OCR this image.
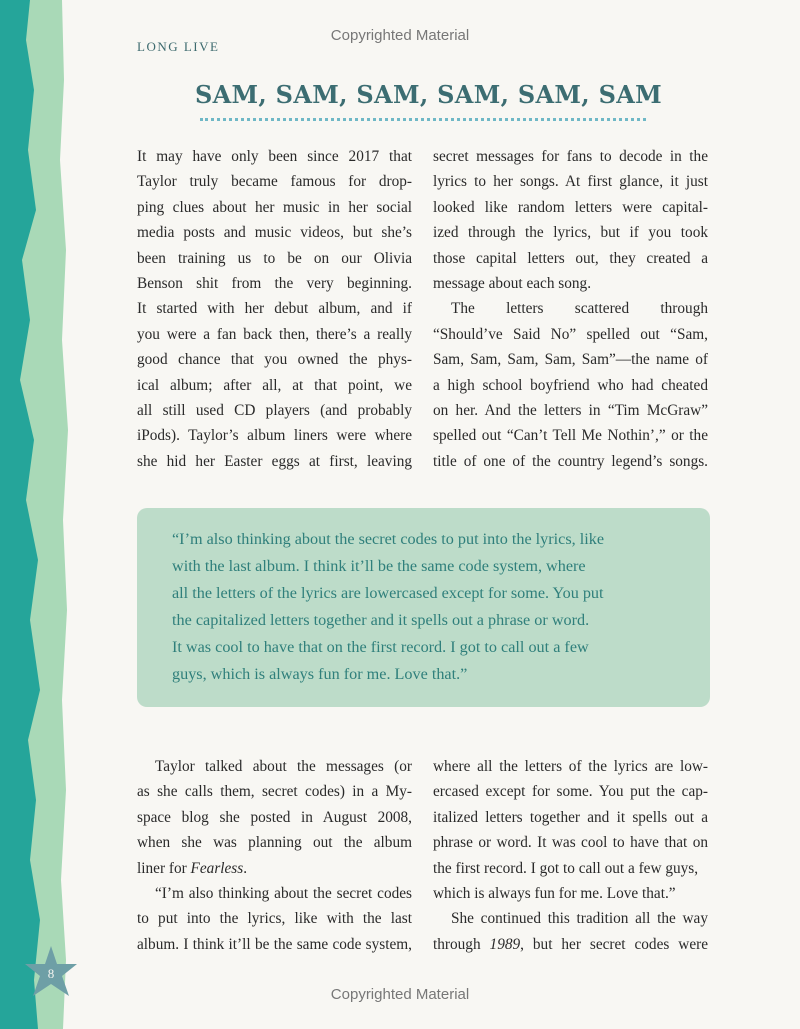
Copyrighted Material
LONG LIVE
SAM, SAM, SAM, SAM, SAM, SAM
It may have only been since 2017 that
Taylor truly became famous for drop-
ping clues about her music in her social
media posts and music videos, but she’s
been training us to be on our Olivia
Benson shit from the very beginning.
It started with her debut album, and if
you were a fan back then, there’s a really
good chance that you owned the phys-
ical album; after all, at that point, we
all still used CD players (and probably
iPods). Taylor’s album liners were where
she hid her Easter eggs at first, leaving
secret messages for fans to decode in the
lyrics to her songs. At first glance, it just
looked like random letters were capital-
ized through the lyrics, but if you took
those capital letters out, they created a
message about each song.
The letters scattered through
“Should’ve Said No” spelled out “Sam,
Sam, Sam, Sam, Sam, Sam”—the name of
a high school boyfriend who had cheated
on her. And the letters in “Tim McGraw”
spelled out “Can’t Tell Me Nothin’,” or the
title of one of the country legend’s songs.
“I’m also thinking about the secret codes to put into the lyrics, like
with the last album. I think it’ll be the same code system, where
all the letters of the lyrics are lowercased except for some. You put
the capitalized letters together and it spells out a phrase or word.
It was cool to have that on the first record. I got to call out a few
guys, which is always fun for me. Love that.”
Taylor talked about the messages (or
as she calls them, secret codes) in a My-
space blog she posted in August 2008,
when she was planning out the album
liner for Fearless.
“I’m also thinking about the secret codes
to put into the lyrics, like with the last
album. I think it’ll be the same code system,
where all the letters of the lyrics are low-
ercased except for some. You put the cap-
italized letters together and it spells out a
phrase or word. It was cool to have that on
the first record. I got to call out a few guys,
which is always fun for me. Love that.”
She continued this tradition all the way
through 1989, but her secret codes were
8
Copyrighted Material
